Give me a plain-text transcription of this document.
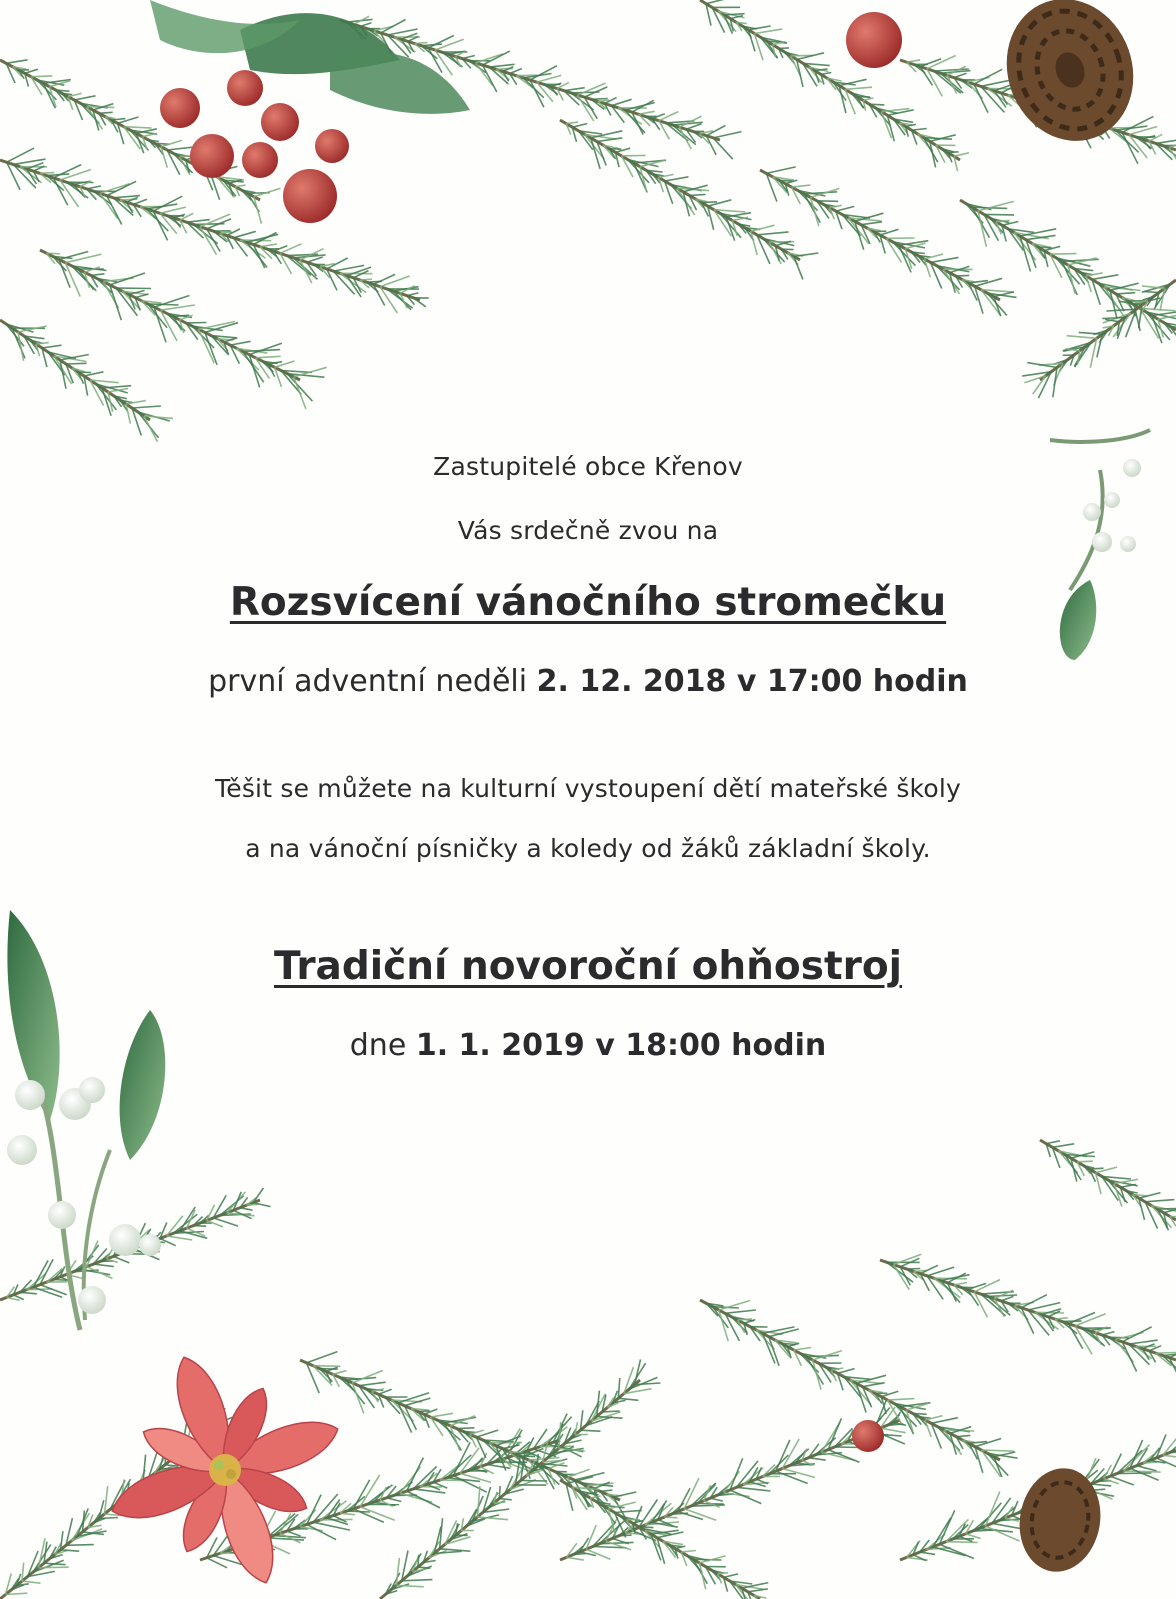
Zastupitelé obce Křenov
Vás srdečně zvou na
Rozsvícení vánočního stromečku
první adventní neděli 2. 12. 2018 v 17:00 hodin
Těšit se můžete na kulturní vystoupení dětí mateřské školy
a na vánoční písničky a koledy od žáků základní školy.
Tradiční novoroční ohňostroj
dne 1. 1. 2019 v 18:00 hodin
